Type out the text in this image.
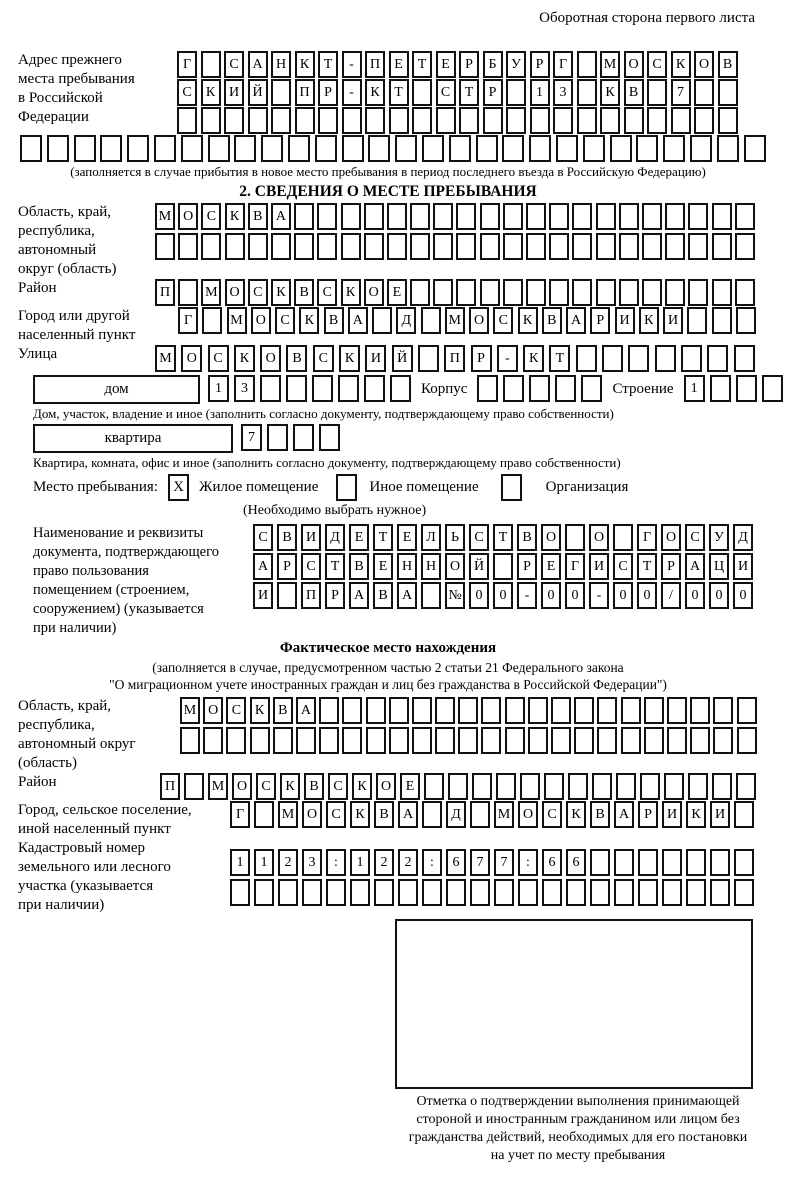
Оборотная сторона первого листа
Адрес прежнего
места пребывания
в Российской
Федерации
Г	С А Н К	Т	-	П	Е	Т	Е	Р	Б	У	Р	Г	М О С	К О В
С	К И Й	П	Р	-	К	Т	С	Т	Р	1	3	К	В	7
(заполняется в случае прибытия в новое место пребывания в период последнего въезда в Российскую Федерацию)
2. СВЕДЕНИЯ О МЕСТЕ ПРЕБЫВАНИЯ
Область, край,
республика,
автономный
округ (область)
М О С К В А
Район	П	М О С К В С К О Е
Город или другой
населенный пункт
Г	М О	С	К	В	А	Д	М О	С	К	В	А	Р	И	К	И
Улица	М	О	С	К	О	В	С	К	И	Й	П	Р	-	К	Т
дом	1	3	Корпус	Строение	1
Дом, участок, владение и иное (заполнить согласно документу, подтверждающему право собственности)
квартира	7
Квартира, комната, офис и иное (заполнить согласно документу, подтверждающему право собственности)
Место пребывания:	X	Жилое помещение	Иное помещение	Организация
(Необходимо выбрать нужное)
Наименование и реквизиты
документа, подтверждающего
право пользования
помещением (строением,
сооружением) (указывается
при наличии)
С	В	И	Д	Е	Т	Е	Л	Ь	С	Т	В	О	О	Г	О	С	У	Д
А	Р	С	Т	В	Е	Н Н О Й	Р	Е	Г	И	С	Т	Р	А Ц И
И	П	Р	А	В	А	№ 0	0	-	0	0	-	0	0	/	0	0	0
Фактическое место нахождения
(заполняется в случае, предусмотренном частью 2 статьи 21 Федерального закона
"О миграционном учете иностранных граждан и лиц без гражданства в Российской Федерации")
Область, край,
республика,
автономный округ
(область)
М О С К В А
Район	П	М О	С	К	В	С	К	О	Е
Город, сельское поселение,
иной населенный пункт
Г	М О	С	К	В	А	Д	М О	С	К	В	А	Р	И	К	И
Кадастровый номер
земельного или лесного
участка (указывается
при наличии)
1	1	2	3	:	1	2	2	:	6	7	7	:	6	6
Отметка о подтверждении выполнения принимающей
стороной и иностранным гражданином или лицом без
гражданства действий, необходимых для его постановки
на учет по месту пребывания
